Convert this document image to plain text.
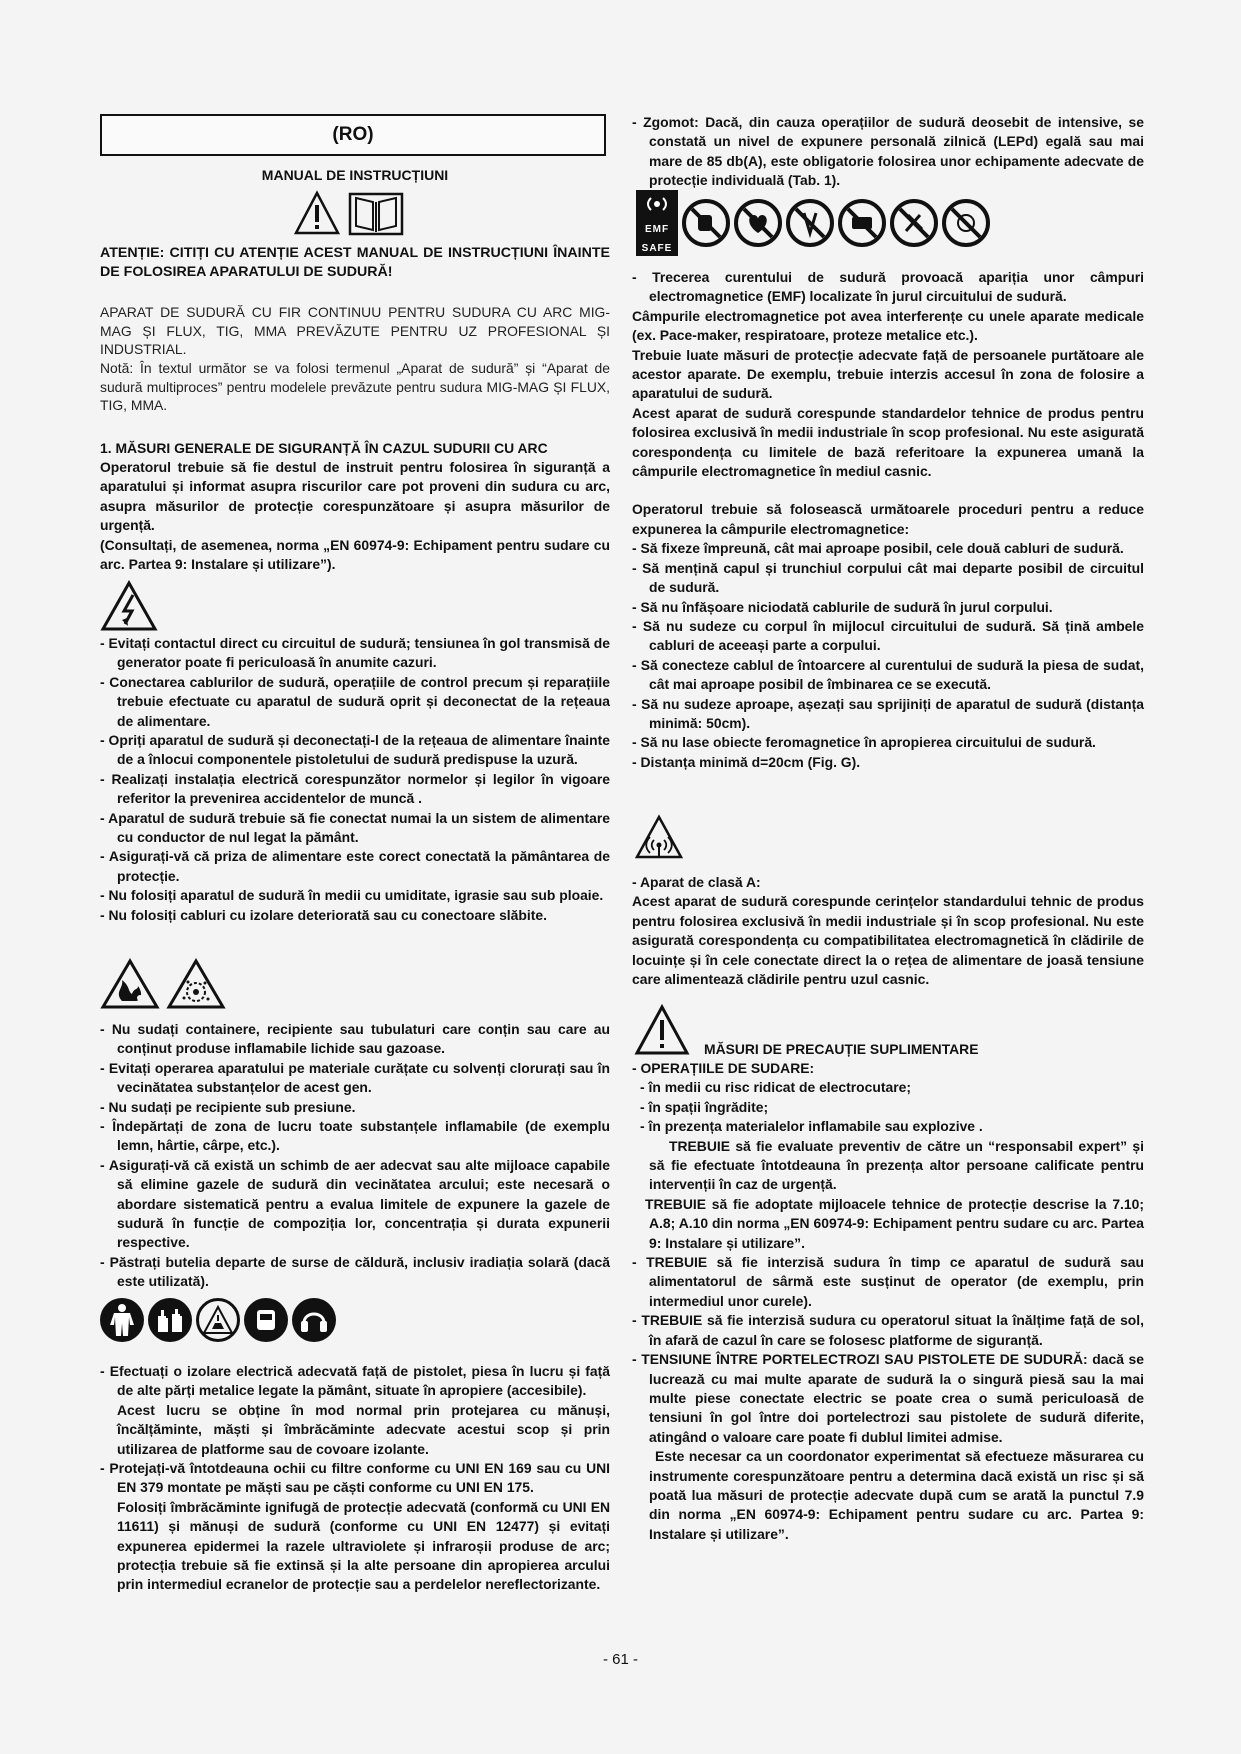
(RO)
MANUAL DE INSTRUCȚIUNI
ATENȚIE: CITIȚI CU ATENȚIE ACEST MANUAL DE INSTRUCȚIUNI ÎNAINTE DE FOLOSIREA APARATULUI DE SUDURĂ!
APARAT DE SUDURĂ CU FIR CONTINUU PENTRU SUDURA CU ARC MIG-MAG ȘI FLUX, TIG, MMA PREVĂZUTE PENTRU UZ PROFESIONAL ȘI INDUSTRIAL.
Notă: În textul următor se va folosi termenul „Aparat de sudură” și “Aparat de sudură multiproces” pentru modelele prevăzute pentru sudura MIG-MAG ȘI FLUX, TIG, MMA.
1. MĂSURI GENERALE DE SIGURANȚĂ ÎN CAZUL SUDURII CU ARC
Operatorul trebuie să fie destul de instruit pentru folosirea în siguranță a aparatului și informat asupra riscurilor care pot proveni din sudura cu arc, asupra măsurilor de protecție corespunzătoare și asupra măsurilor de urgență.
(Consultați, de asemenea, norma „EN 60974-9: Echipament pentru sudare cu arc. Partea 9: Instalare și utilizare”).

- Evitați contactul direct cu circuitul de sudură; tensiunea în gol transmisă de generator poate fi periculoasă în anumite cazuri.

- Conectarea cablurilor de sudură, operațiile de control precum și reparațiile trebuie efectuate cu aparatul de sudură oprit și deconectat de la rețeaua de alimentare.

- Opriți aparatul de sudură și deconectați-l de la rețeaua de alimentare înainte de a înlocui componentele pistoletului de sudură predispuse la uzură.

- Realizați instalația electrică corespunzător normelor și legilor în vigoare referitor la prevenirea accidentelor de muncă .

- Aparatul de sudură trebuie să fie conectat numai la un sistem de alimentare cu conductor de nul legat la pământ.

- Asigurați-vă că priza de alimentare este corect conectată la pământarea de protecție.

- Nu folosiți aparatul de sudură în medii cu umiditate, igrasie sau sub ploaie.

- Nu folosiți cabluri cu izolare deteriorată sau cu conectoare slăbite.

- Nu sudați containere, recipiente sau tubulaturi care conțin sau care au conținut produse inflamabile lichide sau gazoase.

- Evitați operarea aparatului pe materiale curățate cu solvenți clorurați sau în vecinătatea substanțelor de acest gen.

- Nu sudați pe recipiente sub presiune.

- Îndepărtați de zona de lucru toate substanțele inflamabile (de exemplu lemn, hârtie, cârpe, etc.).

- Asigurați-vă că există un schimb de aer adecvat sau alte mijloace capabile să elimine gazele de sudură din vecinătatea arcului; este necesară o abordare sistematică pentru a evalua limitele de expunere la gazele de sudură în funcție de compoziția lor, concentrația și durata expunerii respective.

- Păstrați butelia departe de surse de căldură, inclusiv iradiația solară (dacă este utilizată).

- Efectuați o izolare electrică adecvată față de pistolet, piesa în lucru și față de alte părți metalice legate la pământ, situate în apropiere (accesibile).

Acest lucru se obține în mod normal prin protejarea cu mănuși, încălțăminte, măști și îmbrăcăminte adecvate acestui scop și prin utilizarea de platforme sau de covoare izolante.

- Protejați-vă întotdeauna ochii cu filtre conforme cu UNI EN 169 sau cu UNI EN 379 montate pe măști sau pe căști conforme cu UNI EN 175.

Folosiți îmbrăcăminte ignifugă de protecție adecvată (conformă cu UNI EN 11611) și mănuși de sudură (conforme cu UNI EN 12477) și evitați expunerea epidermei la razele ultraviolete și infraroșii produse de arc; protecția trebuie să fie extinsă și la alte persoane din apropierea arcului prin intermediul ecranelor de protecție sau a perdelelor nereflectorizante.

- Zgomot: Dacă, din cauza operațiilor de sudură deosebit de intensive, se constată un nivel de expunere personală zilnică (LEPd) egală sau mai mare de 85 db(A), este obligatorie folosirea unor echipamente adecvate de protecție individuală (Tab. 1).

EMF
SAFE

- Trecerea curentului de sudură provoacă apariția unor câmpuri electromagnetice (EMF) localizate în jurul circuitului de sudură.

Câmpurile electromagnetice pot avea interferențe cu unele aparate medicale (ex. Pace-maker, respiratoare, proteze metalice etc.).

Trebuie luate măsuri de protecție adecvate față de persoanele purtătoare ale acestor aparate. De exemplu, trebuie interzis accesul în zona de folosire a aparatului de sudură.

Acest aparat de sudură corespunde standardelor tehnice de produs pentru folosirea exclusivă în medii industriale în scop profesional. Nu este asigurată corespondența cu limitele de bază referitoare la expunerea umană la câmpurile electromagnetice în mediul casnic.

Operatorul trebuie să folosească următoarele proceduri pentru a reduce expunerea la câmpurile electromagnetice:

- Să fixeze împreună, cât mai aproape posibil, cele două cabluri de sudură.

- Să mențină capul și trunchiul corpului cât mai departe posibil de circuitul de sudură.

- Să nu înfășoare niciodată cablurile de sudură în jurul corpului.

- Să nu sudeze cu corpul în mijlocul circuitului de sudură. Să țină ambele cabluri de aceeași parte a corpului.

- Să conecteze cablul de întoarcere al curentului de sudură la piesa de sudat, cât mai aproape posibil de îmbinarea ce se execută.

- Să nu sudeze aproape, așezați sau sprijiniți de aparatul de sudură (distanța minimă: 50cm).

- Să nu lase obiecte feromagnetice în apropierea circuitului de sudură.

- Distanța minimă d=20cm (Fig. G).

- Aparat de clasă A:

Acest aparat de sudură corespunde cerințelor standardului tehnic de produs pentru folosirea exclusivă în medii industriale și în scop profesional. Nu este asigurată corespondența cu compatibilitatea electromagnetică în clădirile de locuințe și în cele conectate direct la o rețea de alimentare de joasă tensiune care alimentează clădirile pentru uzul casnic.

MĂSURI DE PRECAUȚIE SUPLIMENTARE

- OPERAȚIILE DE SUDARE:

- în medii cu risc ridicat de electrocutare;

- în spații îngrădite;

- în prezența materialelor inflamabile sau explozive .

TREBUIE să fie evaluate preventiv de către un “responsabil expert” și să fie efectuate întotdeauna în prezența altor persoane calificate pentru intervenții în caz de urgență.

TREBUIE să fie adoptate mijloacele tehnice de protecție descrise la 7.10; A.8; A.10 din norma „EN 60974-9: Echipament pentru sudare cu arc. Partea 9: Instalare și utilizare”.

- TREBUIE să fie interzisă sudura în timp ce aparatul de sudură sau alimentatorul de sârmă este susținut de operator (de exemplu, prin intermediul unor curele).

- TREBUIE să fie interzisă sudura cu operatorul situat la înălțime față de sol, în afară de cazul în care se folosesc platforme de siguranță.

- TENSIUNE ÎNTRE PORTELECTROZI SAU PISTOLETE DE SUDURĂ: dacă se lucrează cu mai multe aparate de sudură la o singură piesă sau la mai multe piese conectate electric se poate crea o sumă periculoasă de tensiuni în gol între doi portelectrozi sau pistolete de sudură diferite, atingând o valoare care poate fi dublul limitei admise.

Este necesar ca un coordonator experimentat să efectueze măsurarea cu instrumente corespunzătoare pentru a determina dacă există un risc și să poată lua măsuri de protecție adecvate după cum se arată la punctul 7.9 din norma „EN 60974-9: Echipament pentru sudare cu arc. Partea 9: Instalare și utilizare”.

- 61 -
